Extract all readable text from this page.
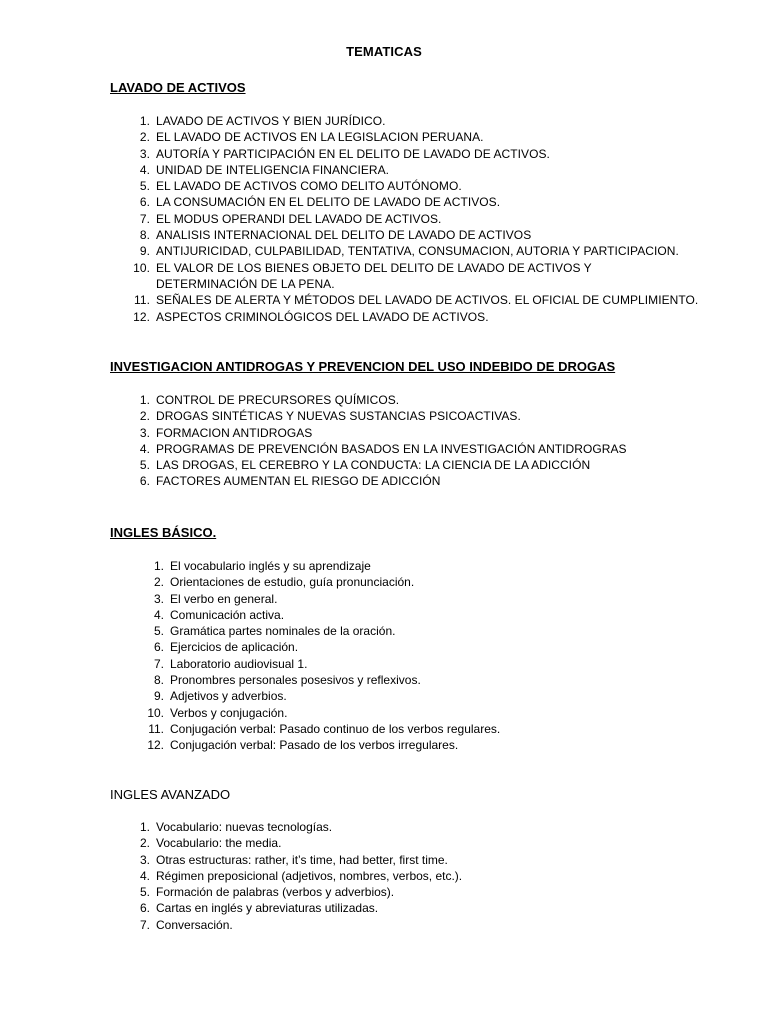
TEMATICAS
LAVADO DE ACTIVOS
1. LAVADO DE ACTIVOS Y BIEN JURÍDICO.
2. EL LAVADO DE ACTIVOS EN LA LEGISLACION PERUANA.
3. AUTORÍA Y PARTICIPACIÓN EN EL DELITO DE LAVADO DE ACTIVOS.
4. UNIDAD DE INTELIGENCIA FINANCIERA.
5. EL LAVADO DE ACTIVOS COMO DELITO AUTÓNOMO.
6. LA CONSUMACIÓN EN EL DELITO DE LAVADO DE ACTIVOS.
7. EL MODUS OPERANDI DEL LAVADO DE ACTIVOS.
8. ANALISIS INTERNACIONAL DEL DELITO DE LAVADO DE ACTIVOS
9. ANTIJURICIDAD, CULPABILIDAD, TENTATIVA, CONSUMACION, AUTORIA Y PARTICIPACION.
10. EL VALOR DE LOS BIENES OBJETO DEL DELITO DE LAVADO DE ACTIVOS Y DETERMINACIÓN DE LA PENA.
11. SEÑALES DE ALERTA Y MÉTODOS DEL LAVADO DE ACTIVOS. EL OFICIAL DE CUMPLIMIENTO.
12. ASPECTOS CRIMINOLÓGICOS DEL LAVADO DE ACTIVOS.
INVESTIGACION ANTIDROGAS Y PREVENCION DEL USO INDEBIDO DE DROGAS
1. CONTROL DE PRECURSORES QUÍMICOS.
2. DROGAS SINTÉTICAS Y NUEVAS SUSTANCIAS PSICOACTIVAS.
3. FORMACION ANTIDROGAS
4. PROGRAMAS DE PREVENCIÓN BASADOS EN LA INVESTIGACIÓN ANTIDROGRAS
5. LAS DROGAS, EL CEREBRO Y LA CONDUCTA: LA CIENCIA DE LA ADICCIÓN
6. FACTORES AUMENTAN EL RIESGO DE ADICCIÓN
INGLES BÁSICO.
1. El vocabulario inglés y su aprendizaje
2. Orientaciones de estudio, guía pronunciación.
3. El verbo en general.
4. Comunicación activa.
5. Gramática partes nominales de la oración.
6. Ejercicios de aplicación.
7. Laboratorio audiovisual 1.
8. Pronombres personales posesivos y reflexivos.
9. Adjetivos y adverbios.
10. Verbos y conjugación.
11. Conjugación verbal: Pasado continuo de los verbos regulares.
12. Conjugación verbal: Pasado de los verbos irregulares.
INGLES AVANZADO
1. Vocabulario: nuevas tecnologías.
2. Vocabulario: the media.
3. Otras estructuras: rather, it’s time, had better, first time.
4. Régimen preposicional (adjetivos, nombres, verbos, etc.).
5. Formación de palabras (verbos y adverbios).
6. Cartas en inglés y abreviaturas utilizadas.
7. Conversación.
